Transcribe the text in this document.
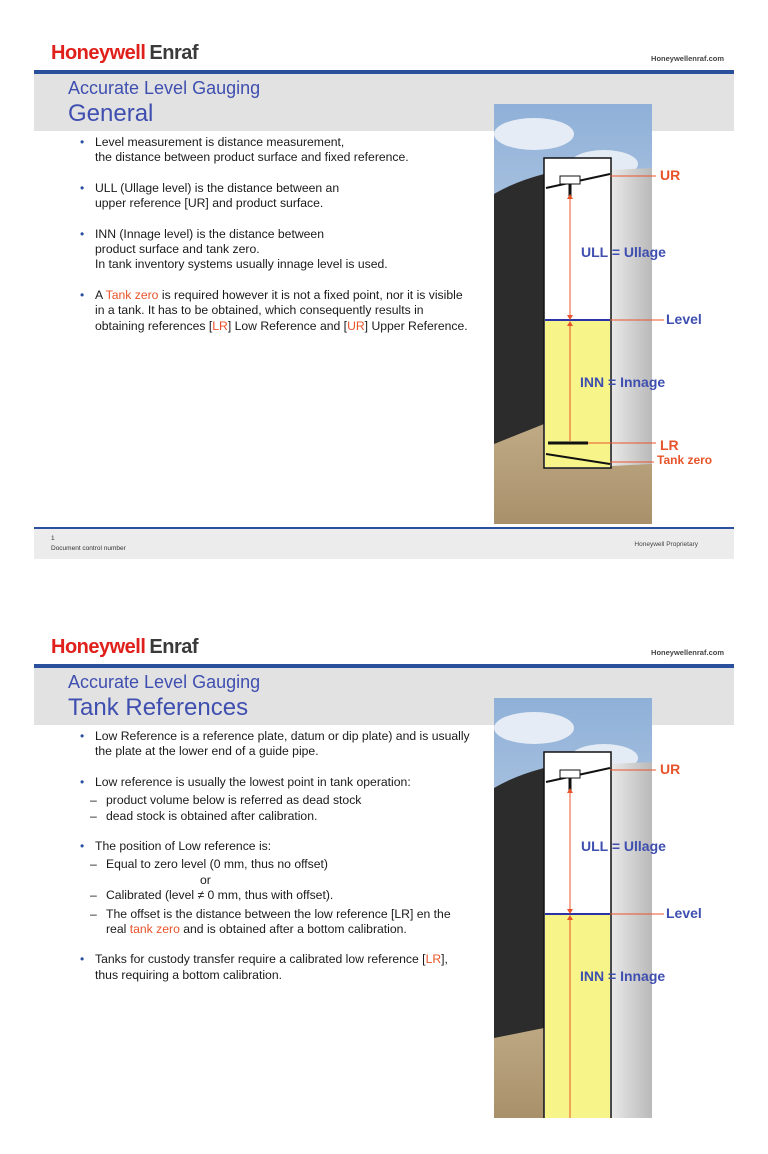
Honeywell Enraf	Honeywellenraf.com
Accurate Level Gauging
General
• Level measurement is distance measurement,
the distance between product surface and fixed reference.
• ULL (Ullage level) is the distance between an
upper reference [UR] and product surface.
• INN (Innage level) is the distance between
product surface and tank zero.
In tank inventory systems usually innage level is used.
• A Tank zero is required however it is not a fixed point, nor it is visible
in a tank. It has to be obtained, which consequently results in
obtaining references [LR] Low Reference and [UR] Upper Reference.
UR
ULL = Ullage
Level
INN = Innage
LR
Tank zero
1
Document control number
Honeywell Proprietary
Honeywell Enraf	Honeywellenraf.com
Accurate Level Gauging
Tank References
• Low Reference is a reference plate, datum or dip plate) and is usually
the plate at the lower end of a guide pipe.
• Low reference is usually the lowest point in tank operation:
– product volume below is referred as dead stock
– dead stock is obtained after calibration.
• The position of Low reference is:
– Equal to zero level (0 mm, thus no offset)
or
– Calibrated (level ≠ 0 mm, thus with offset).
– The offset is the distance between the low reference [LR] en the
real tank zero and is obtained after a bottom calibration.
• Tanks for custody transfer require a calibrated low reference [LR],
thus requiring a bottom calibration.
UR
ULL = Ullage
Level
INN = Innage
